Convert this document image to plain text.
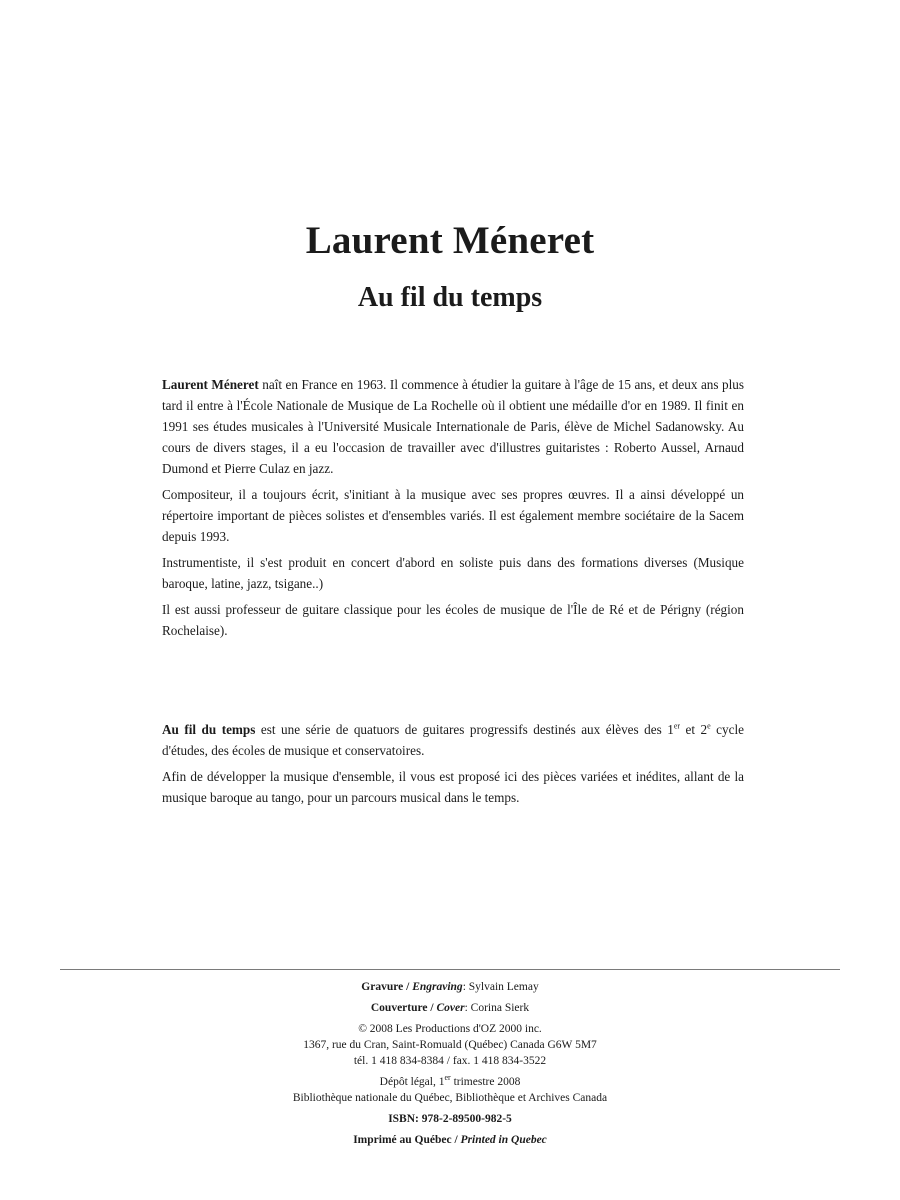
Laurent Méneret
Au fil du temps

Laurent Méneret naît en France en 1963. Il commence à étudier la guitare à l'âge de 15 ans, et deux ans plus tard il entre à l'École Nationale de Musique de La Rochelle où il obtient une médaille d'or en 1989. Il finit en 1991 ses études musicales à l'Université Musicale Internationale de Paris, élève de Michel Sadanowsky. Au cours de divers stages, il a eu l'occasion de travailler avec d'illustres guitaristes : Roberto Aussel, Arnaud Dumond et Pierre Culaz en jazz.

Compositeur, il a toujours écrit, s'initiant à la musique avec ses propres œuvres. Il a ainsi développé un répertoire important de pièces solistes et d'ensembles variés. Il est également membre sociétaire de la Sacem depuis 1993.

Instrumentiste, il s'est produit en concert d'abord en soliste puis dans des formations diverses (Musique baroque, latine, jazz, tsigane..)

Il est aussi professeur de guitare classique pour les écoles de musique de l'Île de Ré et de Périgny (région Rochelaise).

Au fil du temps est une série de quatuors de guitares progressifs destinés aux élèves des 1er et 2e cycle d'études, des écoles de musique et conservatoires.

Afin de développer la musique d'ensemble, il vous est proposé ici des pièces variées et inédites, allant de la musique baroque au tango, pour un parcours musical dans le temps.

Gravure / Engraving: Sylvain Lemay
Couverture / Cover: Corina Sierk
© 2008 Les Productions d'OZ 2000 inc.
1367, rue du Cran, Saint-Romuald (Québec) Canada G6W 5M7
tél. 1 418 834-8384 / fax. 1 418 834-3522
Dépôt légal, 1er trimestre 2008
Bibliothèque nationale du Québec, Bibliothèque et Archives Canada
ISBN: 978-2-89500-982-5
Imprimé au Québec / Printed in Quebec
